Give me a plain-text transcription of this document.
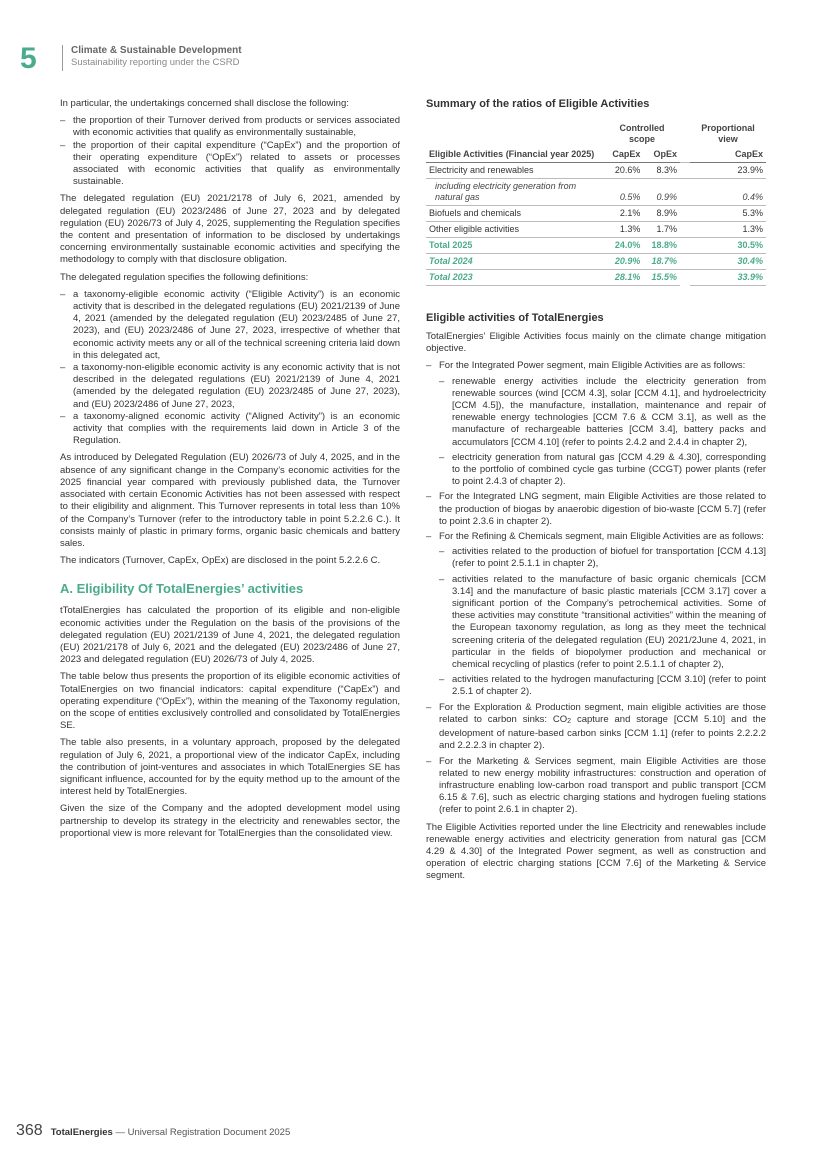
5	Climate & Sustainable Development
Sustainability reporting under the CSRD
In particular, the undertakings concerned shall disclose the following:
– the proportion of their Turnover derived from products or services associated with economic activities that qualify as environmentally sustainable,
– the proportion of their capital expenditure (“CapEx”) and the proportion of their operating expenditure (“OpEx”) related to assets or processes associated with economic activities that qualify as environmentally sustainable.
The delegated regulation (EU) 2021/2178 of July 6, 2021, amended by delegated regulation (EU) 2023/2486 of June 27, 2023 and by delegated regulation (EU) 2026/73 of July 4, 2025, supplementing the Regulation specifies the content and presentation of information to be disclosed by undertakings concerning environmentally sustainable economic activities and specifying the methodology to comply with that disclosure obligation.
The delegated regulation specifies the following definitions:
– a taxonomy-eligible economic activity (“Eligible Activity”) is an economic activity that is described in the delegated regulations (EU) 2021/2139 of June 4, 2021 (amended by the delegated regulation (EU) 2023/2485 of June 27, 2023), and (EU) 2023/2486 of June 27, 2023, irrespective of whether that economic activity meets any or all of the technical screening criteria laid down in this delegated act,
– a taxonomy-non-eligible economic activity is any economic activity that is not described in the delegated regulations (EU) 2021/2139 of June 4, 2021 (amended by the delegated regulation (EU) 2023/2485 of June 27, 2023), and (EU) 2023/2486 of June 27, 2023,
– a taxonomy-aligned economic activity (“Aligned Activity”) is an economic activity that complies with the requirements laid down in Article 3 of the Regulation.
As introduced by Delegated Regulation (EU) 2026/73 of July 4, 2025, and in the absence of any significant change in the Company’s economic activities for the 2025 financial year compared with previously published data, the Turnover associated with certain Economic Activities has not been assessed with respect to their eligibility and alignment. This Turnover represents in total less than 10% of the Company’s Turnover (refer to the introductory table in point 5.2.2.6 C.). It consists mainly of plastic in primary forms, organic basic chemicals and battery sales.
The indicators (Turnover, CapEx, OpEx) are disclosed in the point 5.2.2.6 C.
A. Eligibility Of TotalEnergies’ activities
tTotalEnergies has calculated the proportion of its eligible and non-eligible economic activities under the Regulation on the basis of the provisions of the delegated regulation (EU) 2021/2139 of June 4, 2021, the delegated regulation (EU) 2021/2178 of July 6, 2021 and the delegated (EU) 2023/2486 of June 27, 2023 and delegated regulation (EU) 2026/73 of July 4, 2025.
The table below thus presents the proportion of its eligible economic activities of TotalEnergies on two financial indicators: capital expenditure (“CapEx”) and operating expenditure (“OpEx”), within the meaning of the Taxonomy regulation, on the scope of entities exclusively controlled and consolidated by TotalEnergies SE.
The table also presents, in a voluntary approach, proposed by the delegated regulation of July 6, 2021, a proportional view of the indicator CapEx, including the contribution of joint-ventures and associates in which TotalEnergies SE has significant influence, accounted for by the equity method up to the amount of the interest held by TotalEnergies.
Given the size of the Company and the adopted development model using partnership to develop its strategy in the electricity and renewables sector, the proportional view is more relevant for TotalEnergies than the consolidated view.
Summary of the ratios of Eligible Activities
Eligible Activities (Financial year 2025)	Controlled scope			Proportional view
	CapEx	OpEx		CapEx
Electricity and renewables	20.6%	8.3%		23.9%
including electricity generation from natural gas	0.5%	0.9%		0.4%
Biofuels and chemicals	2.1%	8.9%		5.3%
Other eligible activities	1.3%	1.7%		1.3%
Total 2025	24.0%	18.8%		30.5%
Total 2024	20.9%	18.7%		30.4%
Total 2023	28.1%	15.5%		33.9%
Eligible activities of TotalEnergies
TotalEnergies’ Eligible Activities focus mainly on the climate change mitigation objective.
– For the Integrated Power segment, main Eligible Activities are as follows:
– renewable energy activities include the electricity generation from renewable sources (wind [CCM 4.3], solar [CCM 4.1], and hydroelectricity [CCM 4.5]), the manufacture, installation, maintenance and repair of renewable energy technologies [CCM 7.6 & CCM 3.1], as well as the manufacture of rechargeable batteries [CCM 3.4], battery packs and accumulators [CCM 4.10] (refer to points 2.4.2 and 2.4.4 in chapter 2),
– electricity generation from natural gas [CCM 4.29 & 4.30], corresponding to the portfolio of combined cycle gas turbine (CCGT) power plants (refer to point 2.4.3 of chapter 2).
– For the Integrated LNG segment, main Eligible Activities are those related to the production of biogas by anaerobic digestion of bio-waste [CCM 5.7] (refer to point 2.3.6 in chapter 2).
– For the Refining & Chemicals segment, main Eligible Activities are as follows:
– activities related to the production of biofuel for transportation [CCM 4.13] (refer to point 2.5.1.1 in chapter 2),
– activities related to the manufacture of basic organic chemicals [CCM 3.14] and the manufacture of basic plastic materials [CCM 3.17] cover a significant portion of the Company’s petrochemical activities. Some of these activities may constitute “transitional activities” within the meaning of the European taxonomy regulation, as long as they meet the technical screening criteria of the delegated regulation (EU) 2021/2June 4, 2021, in particular in the fields of biopolymer production and mechanical or chemical recycling of plastics (refer to point 2.5.1.1 of chapter 2),
– activities related to the hydrogen manufacturing [CCM 3.10] (refer to point 2.5.1 of chapter 2).
– For the Exploration & Production segment, main eligible activities are those related to carbon sinks: CO2 capture and storage [CCM 5.10] and the development of nature-based carbon sinks [CCM 1.1] (refer to points 2.2.2.2 and 2.2.2.3 in chapter 2).
– For the Marketing & Services segment, main Eligible Activities are those related to new energy mobility infrastructures: construction and operation of infrastructure enabling low-carbon road transport and public transport [CCM 6.15 & 7.6], such as electric charging stations and hydrogen fueling stations (refer to point 2.6.1 in chapter 2).
The Eligible Activities reported under the line Electricity and renewables include renewable energy activities and electricity generation from natural gas [CCM 4.29 & 4.30] of the Integrated Power segment, as well as construction and operation of electric charging stations [CCM 7.6] of the Marketing & Service segment.
368 TotalEnergies — Universal Registration Document 2025
